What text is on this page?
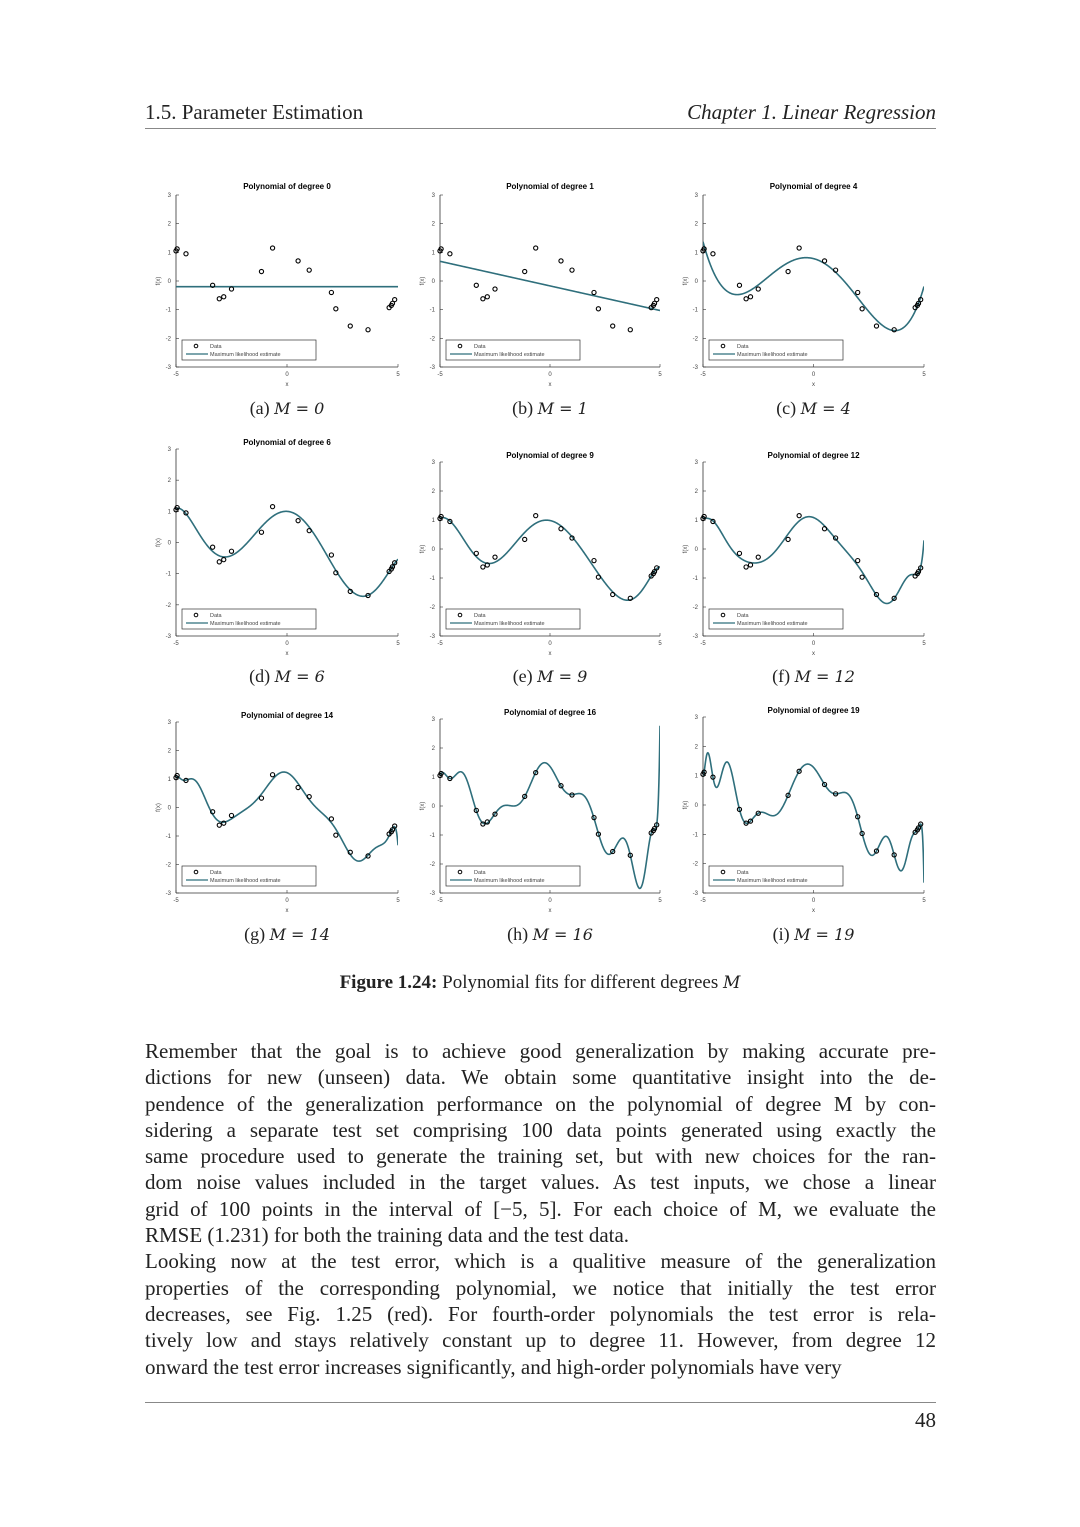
1.5. Parameter Estimation	Chapter 1. Linear Regression
Polynomial of degree 0
3
2
1
0
-1
-2
-3
-5	0	5
x
f(x)
Data
Maximum likelihood estimate
(a) M = 0
Polynomial of degree 1
3
2
1
0
-1
-2
-3
-5	0	5
x
f(x)
Data
Maximum likelihood estimate
(b) M = 1
Polynomial of degree 4
3
2
1
0
-1
-2
-3
-5	0	5
x
f(x)
Data
Maximum likelihood estimate
(c) M = 4
Polynomial of degree 6
3
2
1
0
-1
-2
-3
-5	0	5
x
f(x)
Data
Maximum likelihood estimate
(d) M = 6
Polynomial of degree 9
3
2
1
0
-1
-2
-3
-5	0	5
x
f(x)
Data
Maximum likelihood estimate
(e) M = 9
Polynomial of degree 12
3
2
1
0
-1
-2
-3
-5	0	5
x
f(x)
Data
Maximum likelihood estimate
(f) M = 12
Polynomial of degree 14
3
2
1
0
-1
-2
-3
-5	0	5
x
f(x)
Data
Maximum likelihood estimate
(g) M = 14
Polynomial of degree 16
3
2
1
0
-1
-2
-3
-5	0	5
x
f(x)
Data
Maximum likelihood estimate
(h) M = 16
Polynomial of degree 19
3
2
1
0
-1
-2
-3
-5	0	5
x
f(x)
Data
Maximum likelihood estimate
(i) M = 19
Figure 1.24: Polynomial fits for different degrees M
Remember that the goal is to achieve good generalization by making accurate pre-
dictions for new (unseen) data. We obtain some quantitative insight into the de-
pendence of the generalization performance on the polynomial of degree M by con-
sidering a separate test set comprising 100 data points generated using exactly the
same procedure used to generate the training set, but with new choices for the ran-
dom noise values included in the target values. As test inputs, we chose a linear
grid of 100 points in the interval of [−5, 5]. For each choice of M, we evaluate the
RMSE (1.231) for both the training data and the test data.
Looking now at the test error, which is a qualitive measure of the generalization
properties of the corresponding polynomial, we notice that initially the test error
decreases, see Fig. 1.25 (red). For fourth-order polynomials the test error is rela-
tively low and stays relatively constant up to degree 11. However, from degree 12
onward the test error increases significantly, and high-order polynomials have very
48
